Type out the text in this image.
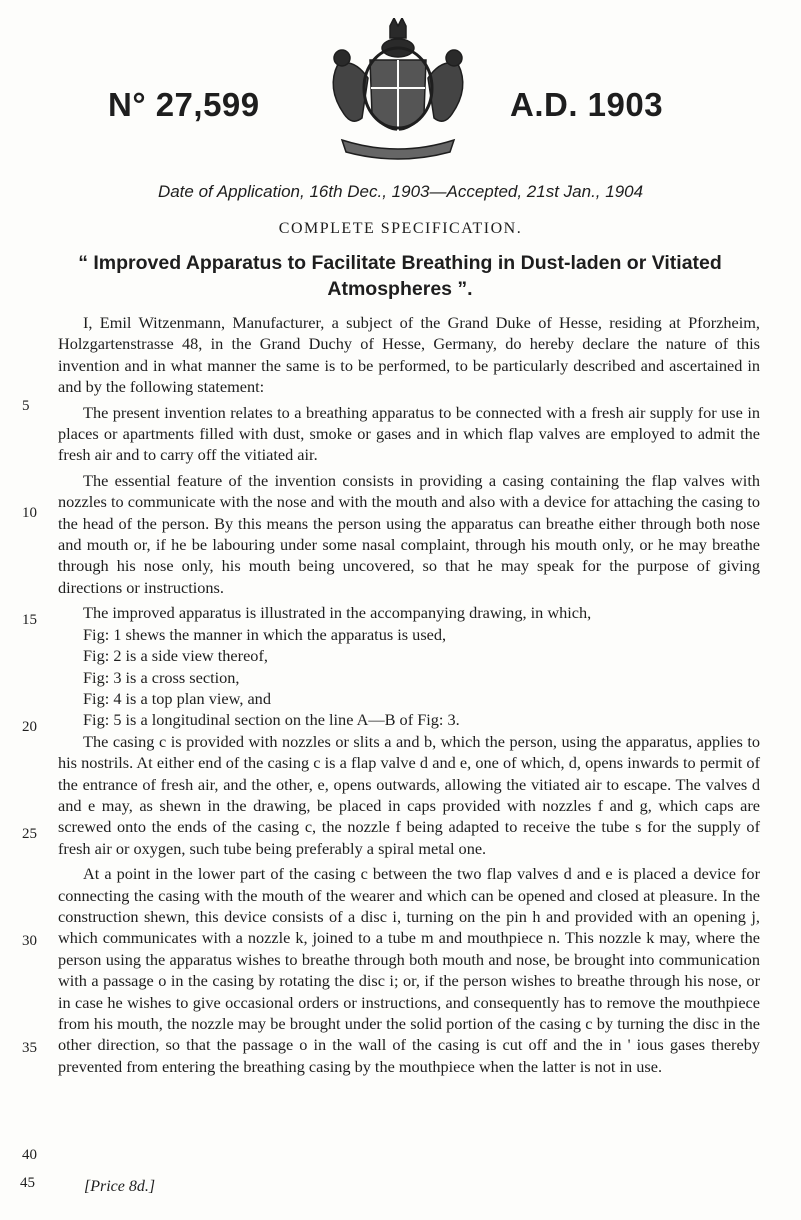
N° 27,599	A.D. 1903
Date of Application, 16th Dec., 1903—Accepted, 21st Jan., 1904
COMPLETE SPECIFICATION.
“ Improved Apparatus to Facilitate Breathing in Dust-laden or Vitiated Atmospheres ”.

I, Emil Witzenmann, Manufacturer, a subject of the Grand Duke of Hesse, residing at Pforzheim, Holzgartenstrasse 48, in the Grand Duchy of Hesse, Germany, do hereby declare the nature of this invention and in what manner the same is to be performed, to be particularly described and ascertained in and by the following statement:

The present invention relates to a breathing apparatus to be connected with a fresh air supply for use in places or apartments filled with dust, smoke or gases and in which flap valves are employed to admit the fresh air and to carry off the vitiated air.

The essential feature of the invention consists in providing a casing containing the flap valves with nozzles to communicate with the nose and with the mouth and also with a device for attaching the casing to the head of the person. By this means the person using the apparatus can breathe either through both nose and mouth or, if he be labouring under some nasal complaint, through his mouth only, or he may breathe through his nose only, his mouth being uncovered, so that he may speak for the purpose of giving directions or instructions.

The improved apparatus is illustrated in the accompanying drawing, in which,

Fig: 1 shews the manner in which the apparatus is used,
Fig: 2 is a side view thereof,
Fig: 3 is a cross section,
Fig: 4 is a top plan view, and
Fig: 5 is a longitudinal section on the line A—B of Fig: 3.

The casing c is provided with nozzles or slits a and b, which the person, using the apparatus, applies to his nostrils. At either end of the casing c is a flap valve d and e, one of which, d, opens inwards to permit of the entrance of fresh air, and the other, e, opens outwards, allowing the vitiated air to escape. The valves d and e may, as shewn in the drawing, be placed in caps provided with nozzles f and g, which caps are screwed onto the ends of the casing c, the nozzle f being adapted to receive the tube s for the supply of fresh air or oxygen, such tube being preferably a spiral metal one.

At a point in the lower part of the casing c between the two flap valves d and e is placed a device for connecting the casing with the mouth of the wearer and which can be opened and closed at pleasure. In the construction shewn, this device consists of a disc i, turning on the pin h and provided with an opening j, which communicates with a nozzle k, joined to a tube m and mouthpiece n. This nozzle k may, where the person using the apparatus wishes to breathe through both mouth and nose, be brought into communication with a passage o in the casing by rotating the disc i; or, if the person wishes to breathe through his nose, or in case he wishes to give occasional orders or instructions, and consequently has to remove the mouthpiece from his mouth, the nozzle may be brought under the solid portion of the casing c by turning the disc in the other direction, so that the passage o in the wall of the casing is cut off and the in ' ious gases thereby prevented from entering the breathing casing by the mouthpiece when the latter is not in use.

5
10
15
20
25
30
35
40
45	[Price 8d.]
